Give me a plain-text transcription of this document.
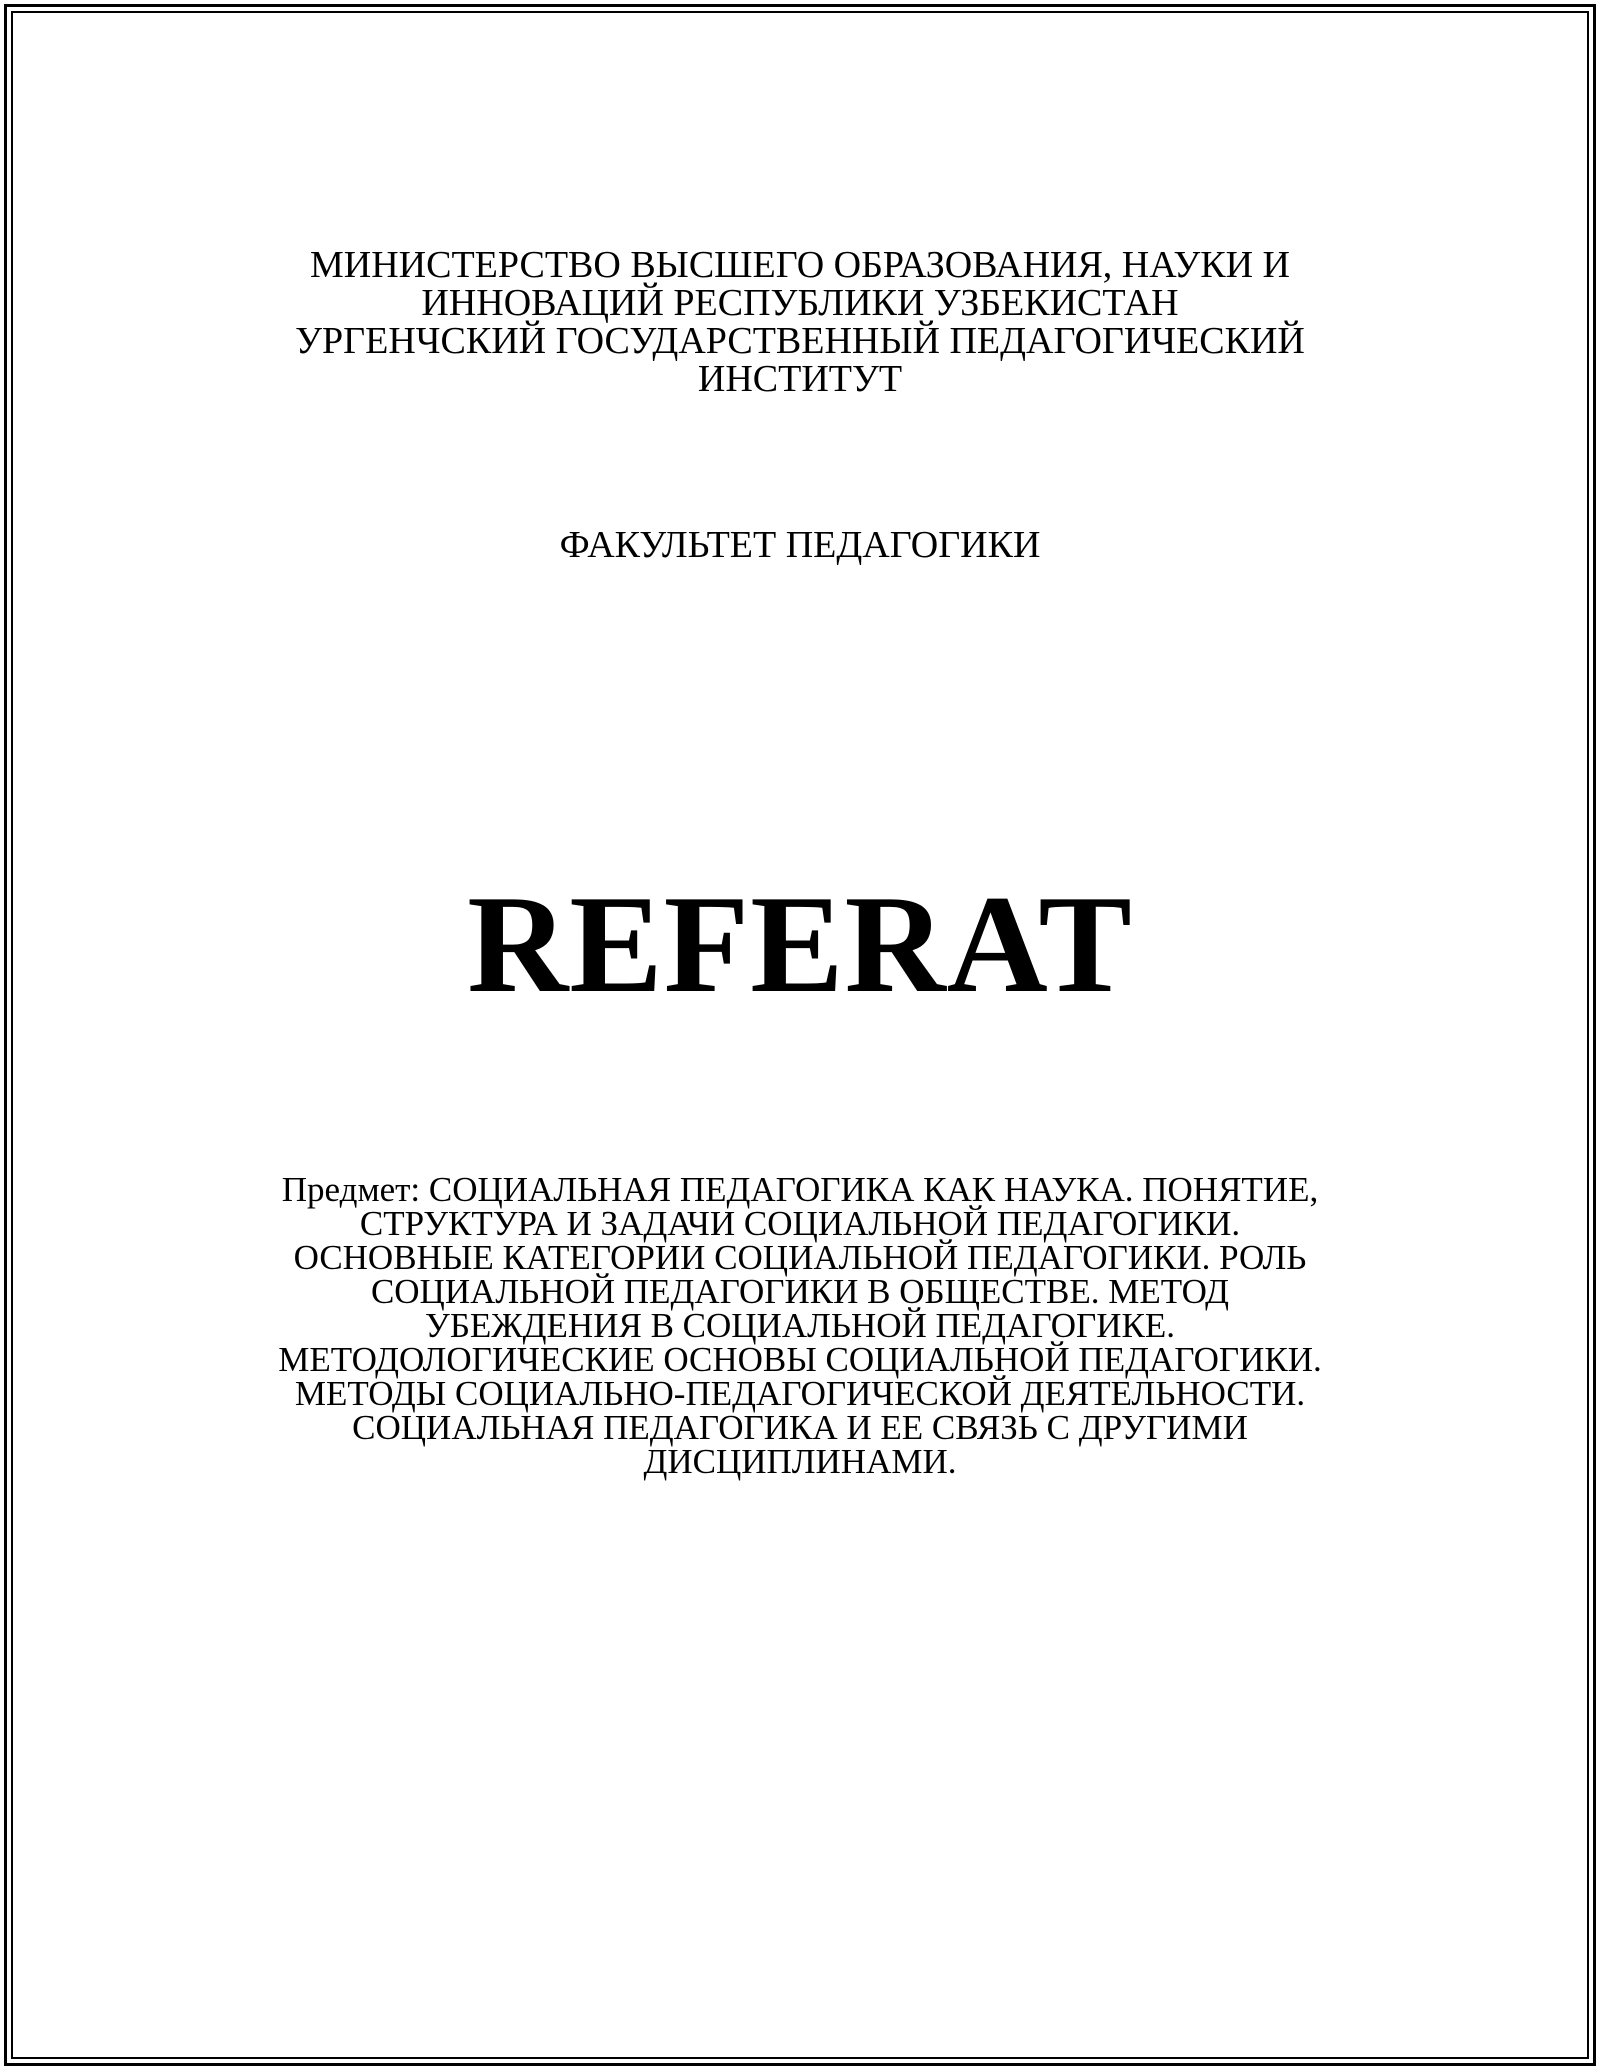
МИНИСТЕРСТВО ВЫСШЕГО ОБРАЗОВАНИЯ, НАУКИ И
ИННОВАЦИЙ РЕСПУБЛИКИ УЗБЕКИСТАН
УРГЕНЧСКИЙ ГОСУДАРСТВЕННЫЙ ПЕДАГОГИЧЕСКИЙ
ИНСТИТУТ
ФАКУЛЬТЕТ ПЕДАГОГИКИ
REFERAT
Предмет: СОЦИАЛЬНАЯ ПЕДАГОГИКА КАК НАУКА. ПОНЯТИЕ,
СТРУКТУРА И ЗАДАЧИ СОЦИАЛЬНОЙ ПЕДАГОГИКИ.
ОСНОВНЫЕ КАТЕГОРИИ СОЦИАЛЬНОЙ ПЕДАГОГИКИ. РОЛЬ
СОЦИАЛЬНОЙ ПЕДАГОГИКИ В ОБЩЕСТВЕ. МЕТОД
УБЕЖДЕНИЯ В СОЦИАЛЬНОЙ ПЕДАГОГИКЕ.
МЕТОДОЛОГИЧЕСКИЕ ОСНОВЫ СОЦИАЛЬНОЙ ПЕДАГОГИКИ.
МЕТОДЫ СОЦИАЛЬНО-ПЕДАГОГИЧЕСКОЙ ДЕЯТЕЛЬНОСТИ.
СОЦИАЛЬНАЯ ПЕДАГОГИКА И ЕЕ СВЯЗЬ С ДРУГИМИ
ДИСЦИПЛИНАМИ.
